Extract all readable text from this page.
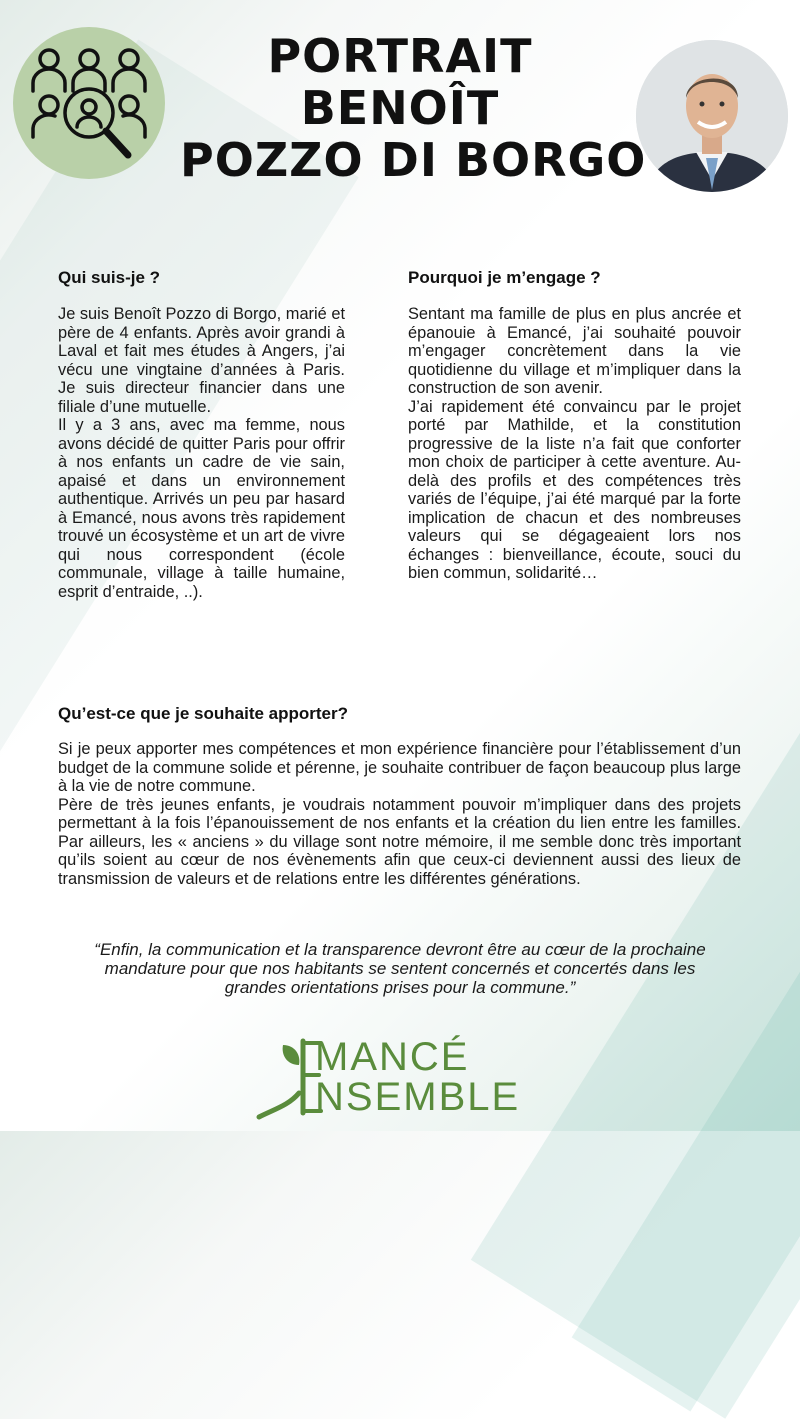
PORTRAIT
BENOÎT
POZZO DI BORGO
Qui suis-je ?
Je suis Benoît Pozzo di Borgo, marié et père de 4 enfants. Après avoir grandi à Laval et fait mes études à Angers, j’ai vécu une vingtaine d’années à Paris. Je suis directeur financier dans une filiale d’une mutuelle.
Il y a 3 ans, avec ma femme, nous avons décidé de quitter Paris pour offrir à nos enfants un cadre de vie sain, apaisé et dans un environnement authentique. Arrivés un peu par hasard à Emancé, nous avons très rapidement trouvé un écosystème et un art de vivre qui nous correspondent (école communale, village à taille humaine, esprit d’entraide, ..).
Pourquoi je m’engage ?
Sentant ma famille de plus en plus ancrée et épanouie à Emancé, j’ai souhaité pouvoir m’engager concrètement dans la vie quotidienne du village et m’impliquer dans la construction de son avenir.
J’ai rapidement été convaincu par le projet porté par Mathilde, et la constitution progressive de la liste n’a fait que conforter mon choix de participer à cette aventure. Au-delà des profils et des compétences très variés de l’équipe, j’ai été marqué par la forte implication de chacun et des nombreuses valeurs qui se dégageaient lors nos échanges : bienveillance, écoute, souci du bien commun, solidarité…
Qu’est-ce que je souhaite apporter?
Si je peux apporter mes compétences et mon expérience financière pour l’établissement d’un budget de la commune solide et pérenne, je souhaite contribuer de façon beaucoup plus large à la vie de notre commune.
Père de très jeunes enfants, je voudrais notamment pouvoir m’impliquer dans des projets permettant à la fois l’épanouissement de nos enfants et la création du lien entre les familles. Par ailleurs, les « anciens » du village sont notre mémoire, il me semble donc très important qu’ils soient au cœur de nos évènements afin que ceux-ci deviennent aussi des lieux de transmission de valeurs et de relations entre les différentes générations.
“Enfin, la communication et la transparence devront être au cœur de la prochaine mandature pour que nos habitants se sentent concernés et concertés dans les grandes orientations prises pour la commune.”
MANCÉ
NSEMBLE
